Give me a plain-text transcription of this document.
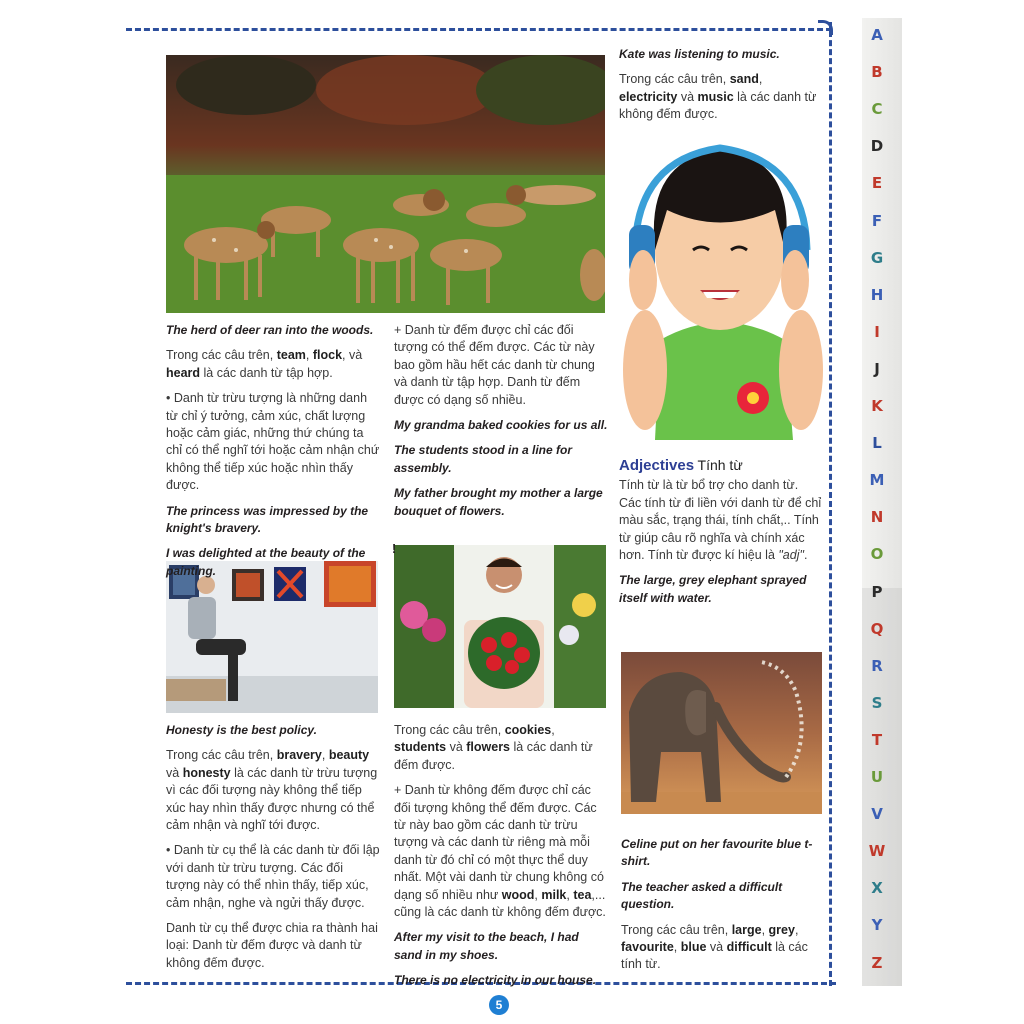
A
B
C
D
E
F
G
H
I
J
K
L
M
N
O
P
Q
R
S
T
U
V
W
X
Y
Z

The herd of deer ran into the woods.

Trong các câu trên, team, flock, và heard là các danh từ tập hợp.

• Danh từ trừu tượng là những danh từ chỉ ý tưởng, cảm xúc, chất lượng hoặc cảm giác, những thứ chúng ta chỉ có thể nghĩ tới hoặc cảm nhận chứ không thể tiếp xúc hoặc nhìn thấy được.

The princess was impressed by the knight's bravery.

I was delighted at the beauty of the painting.

Honesty is the best policy.

Trong các câu trên, bravery, beauty và honesty là các danh từ trừu tượng vì các đối tượng này không thể tiếp xúc hay nhìn thấy được nhưng có thể cảm nhận và nghĩ tới được.

• Danh từ cụ thể là các danh từ đối lập với danh từ trừu tượng. Các đối tượng này có thể nhìn thấy, tiếp xúc, cảm nhận, nghe và ngửi thấy được.

Danh từ cụ thể được chia ra thành hai loại: Danh từ đếm được và danh từ không đếm được.

+ Danh từ đếm được chỉ các đối tượng có thể đếm được. Các từ này bao gồm hầu hết các danh từ chung và danh từ tập hợp. Danh từ đếm được có dạng số nhiều.

My grandma baked cookies for us all.

The students stood in a line for assembly.

My father brought my mother a large bouquet of flowers.

!

Trong các câu trên, cookies, students và flowers là các danh từ đếm được.

+ Danh từ không đếm được chỉ các đối tượng không thể đếm được. Các từ này bao gồm các danh từ trừu tượng và các danh từ riêng mà mỗi danh từ đó chỉ có một thực thể duy nhất. Một vài danh từ chung không có dạng số nhiều như wood, milk, tea,... cũng là các danh từ không đếm được.

After my visit to the beach, I had sand in my shoes.

There is no electricity in our house.

Kate was listening to music.

Trong các câu trên, sand, electricity và music là các danh từ không đếm được.

Adjectives Tính từ

Tính từ là từ bổ trợ cho danh từ. Các tính từ đi liền với danh từ để chỉ màu sắc, trạng thái, tính chất,.. Tính từ giúp câu rõ nghĩa và chính xác hơn. Tính từ được kí hiệu là "adj".

The large, grey elephant sprayed itself with water.

Celine put on her favourite blue t-shirt.

The teacher asked a difficult question.

Trong các câu trên, large, grey, favourite, blue và difficult là các tính từ.

5
